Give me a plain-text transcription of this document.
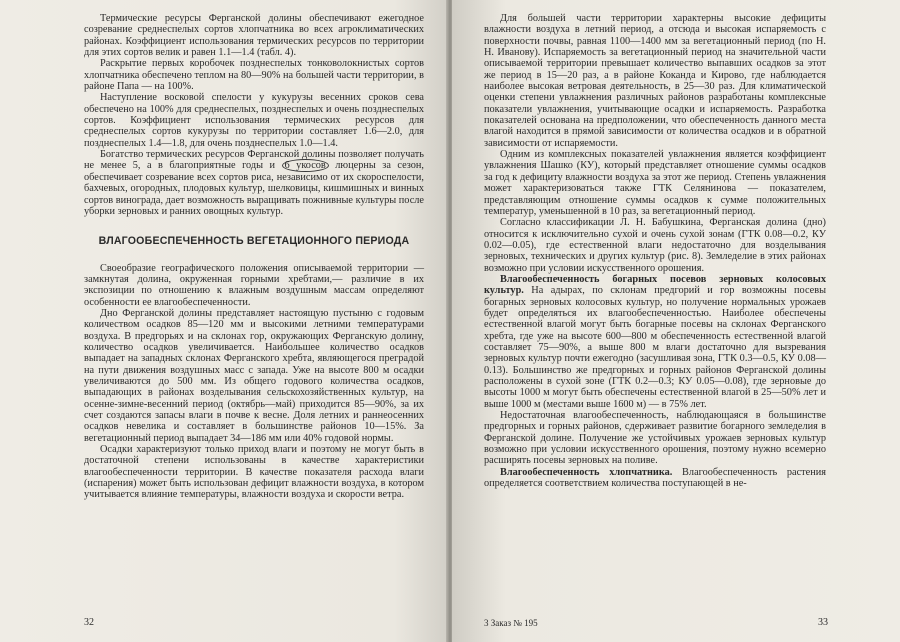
Термические ресурсы Ферганской долины обеспечивают ежегодное созревание среднеспелых сортов хлопчатника во всех агроклиматических районах. Коэффициент использования термических ресурсов по территории для этих сортов велик и равен 1.1—1.4 (табл. 4).

Раскрытие первых коробочек позднеспелых тонковолокнистых сортов хлопчатника обеспечено теплом на 80—90% на большей части территории, в районе Папа — на 100%.

Наступление восковой спелости у кукурузы весенних сроков сева обеспечено на 100% для среднеспелых, позднеспелых и очень позднеспелых сортов. Коэффициент использования термических ресурсов для среднеспелых сортов кукурузы по территории составляет 1.6—2.0, для позднеспелых 1.4—1.8, для очень позднеспелых 1.0—1.4.

Богатство термических ресурсов Ферганской долины позволяет получать не менее 5, а в благоприятные годы и 6 укосов люцерны за сезон, обеспечивает созревание всех сортов риса, независимо от их скороспелости, бахчевых, огородных, плодовых культур, шелковицы, кишмишных и винных сортов винограда, дает возможность выращивать пожнивные культуры после уборки зерновых и ранних овощных культур.

ВЛАГООБЕСПЕЧЕННОСТЬ ВЕГЕТАЦИОННОГО ПЕРИОДА

Своеобразие географического положения описываемой территории — замкнутая долина, окруженная горными хребтами,— различие в их экспозиции по отношению к влажным воздушным массам определяют особенности ее влагообеспеченности.

Дно Ферганской долины представляет настоящую пустыню с годовым количеством осадков 85—120 мм и высокими летними температурами воздуха. В предгорьях и на склонах гор, окружающих Ферганскую долину, количество осадков увеличивается. Наибольшее количество осадков выпадает на западных склонах Ферганского хребта, являющегося преградой на пути движения воздушных масс с запада. Уже на высоте 800 м осадки увеличиваются до 500 мм. Из общего годового количества осадков, выпадающих в районах возделывания сельскохозяйственных культур, на осенне-зимне-весенний период (октябрь—май) приходится 85—90%, за их счет создаются запасы влаги в почве к весне. Доля летних и раннеосенних осадков невелика и составляет в большинстве районов 10—15%. За вегетационный период выпадает 34—186 мм или 40% годовой нормы.

Осадки характеризуют только приход влаги и поэтому не могут быть в достаточной степени использованы в качестве характеристики влагообеспеченности территории. В качестве показателя расхода влаги (испарения) может быть использован дефицит влажности воздуха, в котором учитывается влияние температуры, влажности воздуха и скорости ветра.

32

Для большей части территории характерны высокие дефициты влажности воздуха в летний период, а отсюда и высокая испаряемость с поверхности почвы, равная 1100—1400 мм за вегетационный период (по Н. Н. Иванову). Испаряемость за вегетационный период на значительной части описываемой территории превышает количество выпавших осадков за этот же период в 15—20 раз, а в районе Коканда и Кирово, где наблюдается наиболее высокая ветровая деятельность, в 25—30 раз. Для климатической оценки степени увлажнения различных районов разработаны комплексные показатели увлажнения, учитывающие осадки и испаряемость. Разработка показателей основана на предположении, что обеспеченность данного места влагой находится в прямой зависимости от количества осадков и в обратной зависимости от испаряемости.

Одним из комплексных показателей увлажнения является коэффициент увлажнения Шашко (КУ), который представляет отношение суммы осадков за год к дефициту влажности воздуха за этот же период. Степень увлажнения может характеризоваться также ГТК Селянинова — показателем, представляющим отношение суммы осадков к сумме положительных температур, уменьшенной в 10 раз, за вегетационный период.

Согласно классификации Л. Н. Бабушкина, Ферганская долина (дно) относится к исключительно сухой и очень сухой зонам (ГТК 0.08—0.2, КУ 0.02—0.05), где естественной влаги недостаточно для возделывания зерновых, технических и других культур (рис. 8). Земледелие в этих районах возможно при условии искусственного орошения.

Влагообеспеченность богарных посевов зерновых колосовых культур. На адырах, по склонам предгорий и гор возможны посевы богарных зерновых колосовых культур, но получение нормальных урожаев будет определяться их влагообеспеченностью. Наиболее обеспечены естественной влагой могут быть богарные посевы на склонах Ферганского хребта, где уже на высоте 600—800 м обеспеченность естественной влагой составляет 75—90%, а выше 800 м влаги достаточно для вызревания зерновых культур почти ежегодно (засушливая зона, ГТК 0.3—0.5, КУ 0.08—0.13). Большинство же предгорных и горных районов Ферганской долины расположены в сухой зоне (ГТК 0.2—0.3; КУ 0.05—0.08), где зерновые до высоты 1000 м могут быть обеспечены естественной влагой в 25—50% лет и выше 1000 м (местами выше 1600 м) — в 75% лет.

Недостаточная влагообеспеченность, наблюдающаяся в большинстве предгорных и горных районов, сдерживает развитие богарного земледелия в Ферганской долине. Получение же устойчивых урожаев зерновых культур возможно при условии искусственного орошения, поэтому нужно всемерно расширять посевы зерновых на поливе.

Влагообеспеченность хлопчатника. Влагообеспеченность растения определяется соответствием количества поступающей в не-

3 Заказ № 195	33
